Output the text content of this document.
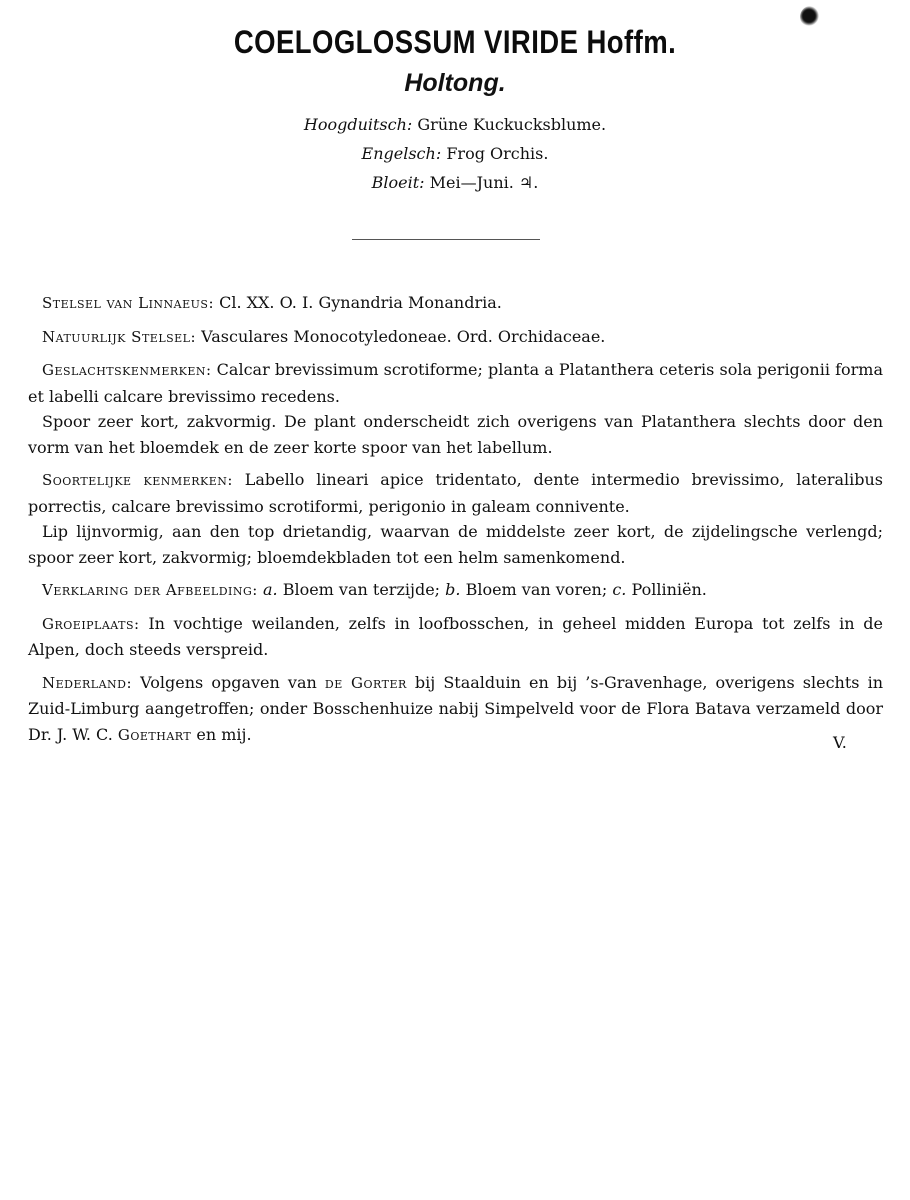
COELOGLOSSUM VIRIDE Hoffm.
Holtong.
Hoogduitsch: Grüne Kuckucksblume.
Engelsch: Frog Orchis.
Bloeit: Mei—Juni. ♃.

Stelsel van Linnaeus: Cl. XX. O. I. Gynandria Monandria.

Natuurlijk Stelsel: Vasculares Monocotyledoneae. Ord. Orchidaceae.

Geslachtskenmerken: Calcar brevissimum scrotiforme; planta a Platanthera ceteris sola perigonii forma et labelli calcare brevissimo recedens.

Spoor zeer kort, zakvormig. De plant onderscheidt zich overigens van Platanthera slechts door den vorm van het bloemdek en de zeer korte spoor van het labellum.

Soortelijke kenmerken: Labello lineari apice tridentato, dente intermedio brevissimo, lateralibus porrectis, calcare brevissimo scrotiformi, perigonio in galeam connivente.

Lip lijnvormig, aan den top drietandig, waarvan de middelste zeer kort, de zijdelingsche verlengd; spoor zeer kort, zakvormig; bloemdekbladen tot een helm samenkomend.

Verklaring der Afbeelding: a. Bloem van terzijde; b. Bloem van voren; c. Polliniën.

Groeiplaats: In vochtige weilanden, zelfs in loofbosschen, in geheel midden Europa tot zelfs in de Alpen, doch steeds verspreid.

Nederland: Volgens opgaven van de Gorter bij Staalduin en bij ’s-Gravenhage, overigens slechts in Zuid-Limburg aangetroffen; onder Bosschenhuize nabij Simpelveld voor de Flora Batava verzameld door Dr. J. W. C. Goethart en mij.	V.
